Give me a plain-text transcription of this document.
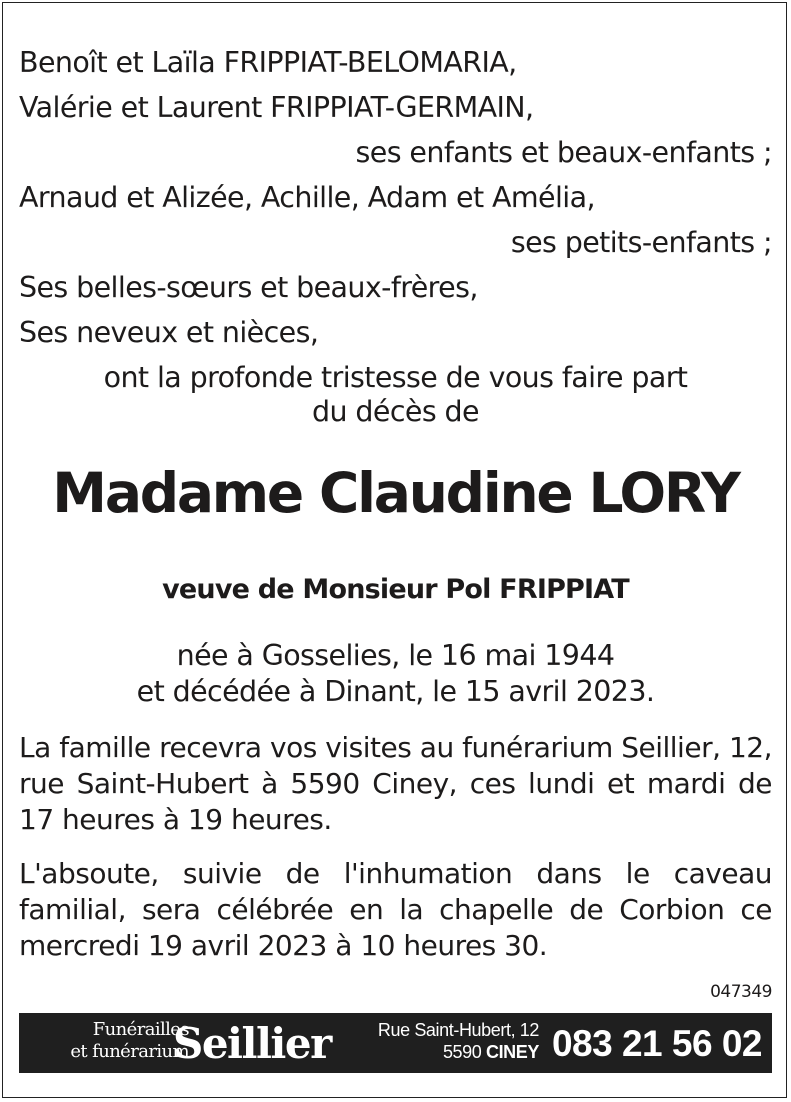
Benoît et Laïla FRIPPIAT-BELOMARIA,
Valérie et Laurent FRIPPIAT-GERMAIN,
ses enfants et beaux-enfants ;
Arnaud et Alizée, Achille, Adam et Amélia,
ses petits-enfants ;
Ses belles-sœurs et beaux-frères,
Ses neveux et nièces,
ont la profonde tristesse de vous faire part
du décès de
Madame Claudine LORY
veuve de Monsieur Pol FRIPPIAT
née à Gosselies, le 16 mai 1944
et décédée à Dinant, le 15 avril 2023.
La famille recevra vos visites au funérarium Seillier, 12, rue Saint-Hubert à 5590 Ciney, ces lundi et mardi de 17 heures à 19 heures.
L'absoute, suivie de l'inhumation dans le caveau familial, sera célébrée en la chapelle de Corbion ce mercredi 19 avril 2023 à 10 heures 30.
047349
Funérailles
et funérarium
Seillier	Rue Saint-Hubert, 12
5590 CINEY 083 21 56 02
